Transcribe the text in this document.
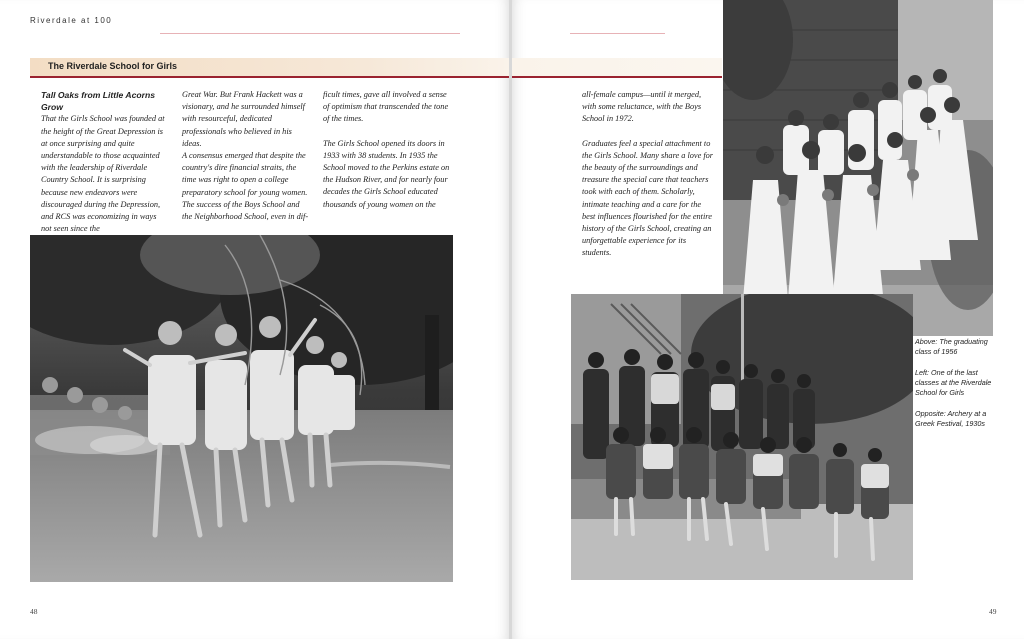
Riverdale at 100
The Riverdale School for Girls
Tall Oaks from Little Acorns Grow
That the Girls School was founded at the height of the Great Depression is at once surprising and quite understandable to those acquainted with the leadership of Riverdale Country School. It is surprising because new endeavors were discouraged during the Depression, and RCS was economizing in ways not seen since the
Great War. But Frank Hackett was a visionary, and he surrounded himself with resourceful, dedicated professionals who believed in his ideas.
A consensus emerged that despite the country's dire financial straits, the time was right to open a college preparatory school for young women. The success of the Boys School and the Neighborhood School, even in dif-

ficult times, gave all involved a sense of optimism that transcended the tone of the times.

The Girls School opened its doors in 1933 with 38 students. In 1935 the School moved to the Perkins estate on the Hudson River, and for nearly four decades the Girls School educated thousands of young women on the

48

all-female campus—until it merged, with some reluctance, with the Boys School in 1972.

Graduates feel a special attachment to the Girls School. Many share a love for the beauty of the surroundings and treasure the special care that teachers took with each of them. Scholarly, intimate teaching and a care for the best influences flourished for the entire history of the Girls School, creating an unforgettable experience for its students.

Above: The graduating class of 1956

Left: One of the last classes at the Riverdale School for Girls

Opposite: Archery at a Greek Festival, 1930s

49
